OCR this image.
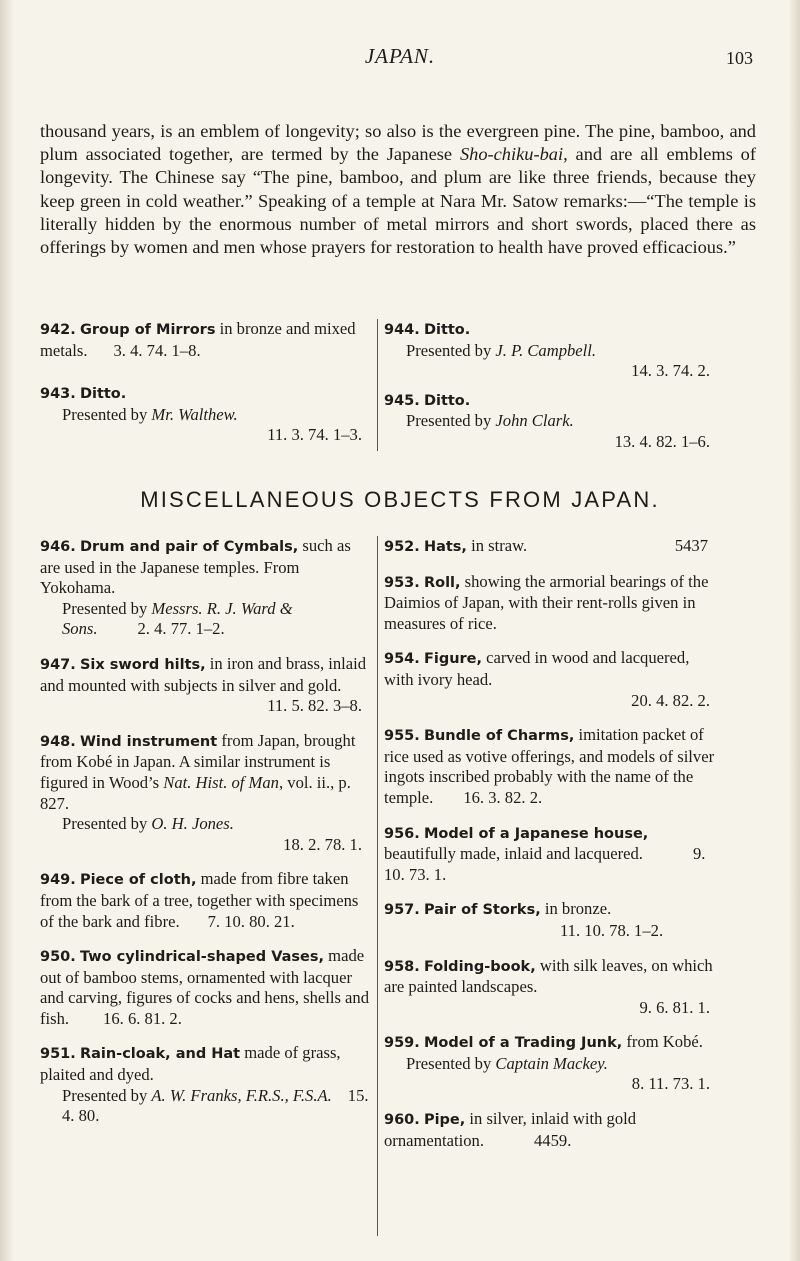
JAPAN.	103

thousand years, is an emblem of longevity; so also is the evergreen pine. The pine, bamboo, and plum associated together, are termed by the Japanese Sho-chiku-bai, and are all emblems of longevity. The Chinese say “The pine, bamboo, and plum are like three friends, because they keep green in cold weather.” Speaking of a temple at Nara Mr. Satow remarks:—“The temple is literally hidden by the enormous number of metal mirrors and short swords, placed there as offerings by women and men whose prayers for restoration to health have proved efficacious.”

942. Group of Mirrors in bronze and mixed metals. 3. 4. 74. 1–8.
943. Ditto.
Presented by Mr. Walthew.
11. 3. 74. 1–3.
944. Ditto.
Presented by J. P. Campbell.
14. 3. 74. 2.
945. Ditto.
Presented by John Clark.
13. 4. 82. 1–6.
MISCELLANEOUS OBJECTS FROM JAPAN.
946. Drum and pair of Cymbals, such as are used in the Japanese temples. From Yokohama.
Presented by Messrs. R. J. Ward & Sons. 2. 4. 77. 1–2.
947. Six sword hilts, in iron and brass, inlaid and mounted with subjects in silver and gold.
11. 5. 82. 3–8.
948. Wind instrument from Japan, brought from Kobé in Japan. A similar instrument is figured in Wood’s Nat. Hist. of Man, vol. ii., p. 827.
Presented by O. H. Jones.
18. 2. 78. 1.
949. Piece of cloth, made from fibre taken from the bark of a tree, together with specimens of the bark and fibre. 7. 10. 80. 21.
950. Two cylindrical-shaped Vases, made out of bamboo stems, ornamented with lacquer and carving, figures of cocks and hens, shells and fish. 16. 6. 81. 2.
951. Rain-cloak, and Hat made of grass, plaited and dyed.
Presented by A. W. Franks, F.R.S., F.S.A. 15. 4. 80.
952. Hats, in straw.	5437
953. Roll, showing the armorial bearings of the Daimios of Japan, with their rent-rolls given in measures of rice.
954. Figure, carved in wood and lacquered, with ivory head.
20. 4. 82. 2.
955. Bundle of Charms, imitation packet of rice used as votive offerings, and models of silver ingots inscribed probably with the name of the temple. 16. 3. 82. 2.
956. Model of a Japanese house, beautifully made, inlaid and lacquered.	9. 10. 73. 1.
957. Pair of Storks, in bronze.
11. 10. 78. 1–2.
958. Folding-book, with silk leaves, on which are painted landscapes.
9. 6. 81. 1.
959. Model of a Trading Junk, from Kobé.
Presented by Captain Mackey.
8. 11. 73. 1.
960. Pipe, in silver, inlaid with gold ornamentation.	4459.
